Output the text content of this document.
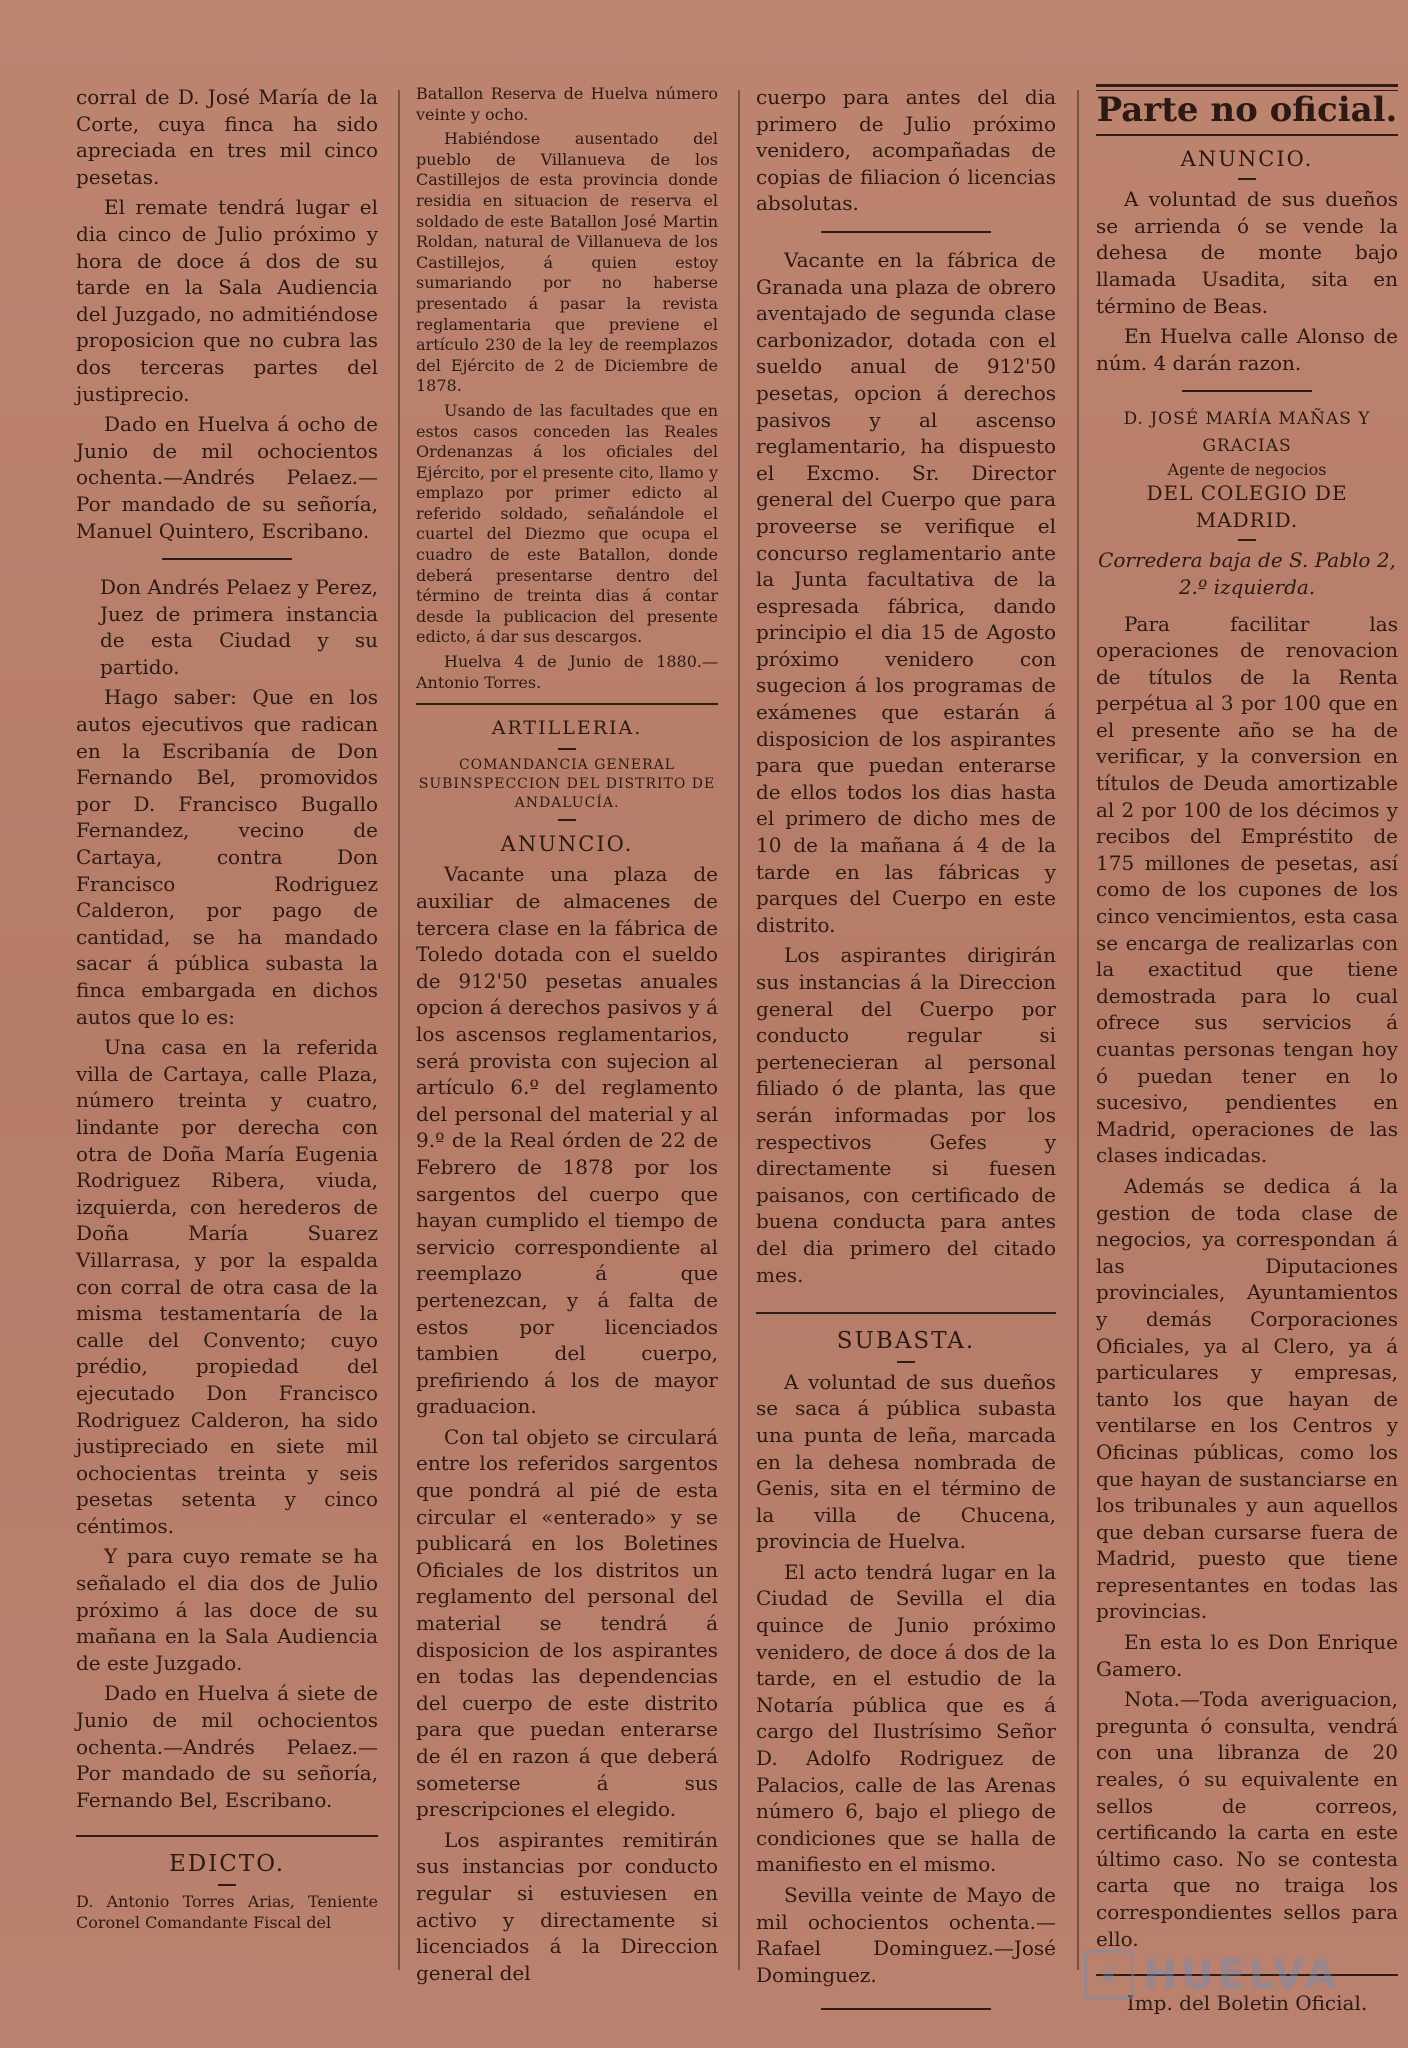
corral de D. José María de la Corte, cuya finca ha sido apreciada en tres mil cinco pesetas.

El remate tendrá lugar el dia cinco de Julio próximo y hora de doce á dos de su tarde en la Sala Audiencia del Juzgado, no admitiéndose proposicion que no cubra las dos terceras partes del justiprecio.

Dado en Huelva á ocho de Junio de mil ochocientos ochenta.—Andrés Pelaez.—Por mandado de su señoría, Manuel Quintero, Escribano.

Don Andrés Pelaez y Perez, Juez de primera instancia de esta Ciudad y su partido.

Hago saber: Que en los autos ejecutivos que radican en la Escribanía de Don Fernando Bel, promovidos por D. Francisco Bugallo Fernandez, vecino de Cartaya, contra Don Francisco Rodriguez Calderon, por pago de cantidad, se ha mandado sacar á pública subasta la finca embargada en dichos autos que lo es:

Una casa en la referida villa de Cartaya, calle Plaza, número treinta y cuatro, lindante por derecha con otra de Doña María Eugenia Rodriguez Ribera, viuda, izquierda, con herederos de Doña María Suarez Villarrasa, y por la espalda con corral de otra casa de la misma testamentaría de la calle del Convento; cuyo prédio, propiedad del ejecutado Don Francisco Rodriguez Calderon, ha sido justipreciado en siete mil ochocientas treinta y seis pesetas setenta y cinco céntimos.

Y para cuyo remate se ha señalado el dia dos de Julio próximo á las doce de su mañana en la Sala Audiencia de este Juzgado.

Dado en Huelva á siete de Junio de mil ochocientos ochenta.—Andrés Pelaez.—Por mandado de su señoría, Fernando Bel, Escribano.

EDICTO.

D. Antonio Torres Arias, Teniente Coronel Comandante Fiscal del

Batallon Reserva de Huelva número veinte y ocho.

Habiéndose ausentado del pueblo de Villanueva de los Castillejos de esta provincia donde residia en situacion de reserva el soldado de este Batallon José Martin Roldan, natural de Villanueva de los Castillejos, á quien estoy sumariando por no haberse presentado á pasar la revista reglamentaria que previene el artículo 230 de la ley de reemplazos del Ejército de 2 de Diciembre de 1878.

Usando de las facultades que en estos casos conceden las Reales Ordenanzas á los oficiales del Ejército, por el presente cito, llamo y emplazo por primer edicto al referido soldado, señalándole el cuartel del Diezmo que ocupa el cuadro de este Batallon, donde deberá presentarse dentro del término de treinta dias á contar desde la publicacion del presente edicto, á dar sus descargos.

Huelva 4 de Junio de 1880.—Antonio Torres.

ARTILLERIA.
COMANDANCIA GENERAL SUBINSPECCION DEL DISTRITO DE ANDALUCÍA.
ANUNCIO.

Vacante una plaza de auxiliar de almacenes de tercera clase en la fábrica de Toledo dotada con el sueldo de 912'50 pesetas anuales opcion á derechos pasivos y á los ascensos reglamentarios, será provista con sujecion al artículo 6.º del reglamento del personal del material y al 9.º de la Real órden de 22 de Febrero de 1878 por los sargentos del cuerpo que hayan cumplido el tiempo de servicio correspondiente al reemplazo á que pertenezcan, y á falta de estos por licenciados tambien del cuerpo, prefiriendo á los de mayor graduacion.

Con tal objeto se circulará entre los referidos sargentos que pondrá al pié de esta circular el «enterado» y se publicará en los Boletines Oficiales de los distritos un reglamento del personal del material se tendrá á disposicion de los aspirantes en todas las dependencias del cuerpo de este distrito para que puedan enterarse de él en razon á que deberá someterse á sus prescripciones el elegido.

Los aspirantes remitirán sus instancias por conducto regular si estuviesen en activo y directamente si licenciados á la Direccion general del

cuerpo para antes del dia primero de Julio próximo venidero, acompañadas de copias de filiacion ó licencias absolutas.

Vacante en la fábrica de Granada una plaza de obrero aventajado de segunda clase carbonizador, dotada con el sueldo anual de 912'50 pesetas, opcion á derechos pasivos y al ascenso reglamentario, ha dispuesto el Excmo. Sr. Director general del Cuerpo que para proveerse se verifique el concurso reglamentario ante la Junta facultativa de la espresada fábrica, dando principio el dia 15 de Agosto próximo venidero con sugecion á los programas de exámenes que estarán á disposicion de los aspirantes para que puedan enterarse de ellos todos los dias hasta el primero de dicho mes de 10 de la mañana á 4 de la tarde en las fábricas y parques del Cuerpo en este distrito.

Los aspirantes dirigirán sus instancias á la Direccion general del Cuerpo por conducto regular si pertenecieran al personal filiado ó de planta, las que serán informadas por los respectivos Gefes y directamente si fuesen paisanos, con certificado de buena conducta para antes del dia primero del citado mes.

SUBASTA.

A voluntad de sus dueños se saca á pública subasta una punta de leña, marcada en la dehesa nombrada de Genis, sita en el término de la villa de Chucena, provincia de Huelva.

El acto tendrá lugar en la Ciudad de Sevilla el dia quince de Junio próximo venidero, de doce á dos de la tarde, en el estudio de la Notaría pública que es á cargo del Ilustrísimo Señor D. Adolfo Rodriguez de Palacios, calle de las Arenas número 6, bajo el pliego de condiciones que se halla de manifiesto en el mismo.

Sevilla veinte de Mayo de mil ochocientos ochenta.—Rafael Dominguez.—José Dominguez.

Parte no oficial.
ANUNCIO.

A voluntad de sus dueños se arrienda ó se vende la dehesa de monte bajo llamada Usadita, sita en término de Beas.

En Huelva calle Alonso de núm. 4 darán razon.

D. JOSÉ MARÍA MAÑAS Y GRACIAS
Agente de negocios
DEL COLEGIO DE MADRID.
Corredera baja de S. Pablo 2, 2.º izquierda.

Para facilitar las operaciones de renovacion de títulos de la Renta perpétua al 3 por 100 que en el presente año se ha de verificar, y la conversion en títulos de Deuda amortizable al 2 por 100 de los décimos y recibos del Empréstito de 175 millones de pesetas, así como de los cupones de los cinco vencimientos, esta casa se encarga de realizarlas con la exactitud que tiene demostrada para lo cual ofrece sus servicios á cuantas personas tengan hoy ó puedan tener en lo sucesivo, pendientes en Madrid, operaciones de las clases indicadas.

Además se dedica á la gestion de toda clase de negocios, ya correspondan á las Diputaciones provinciales, Ayuntamientos y demás Corporaciones Oficiales, ya al Clero, ya á particulares y empresas, tanto los que hayan de ventilarse en los Centros y Oficinas públicas, como los que hayan de sustanciarse en los tribunales y aun aquellos que deban cursarse fuera de Madrid, puesto que tiene representantes en todas las provincias.

En esta lo es Don Enrique Gamero.

Nota.—Toda averiguacion, pregunta ó consulta, vendrá con una libranza de 20 reales, ó su equivalente en sellos de correos, certificando la carta en este último caso. No se contesta carta que no traiga los correspondientes sellos para ello.

Imp. del Boletin Oficial.
♛ HUELVA
